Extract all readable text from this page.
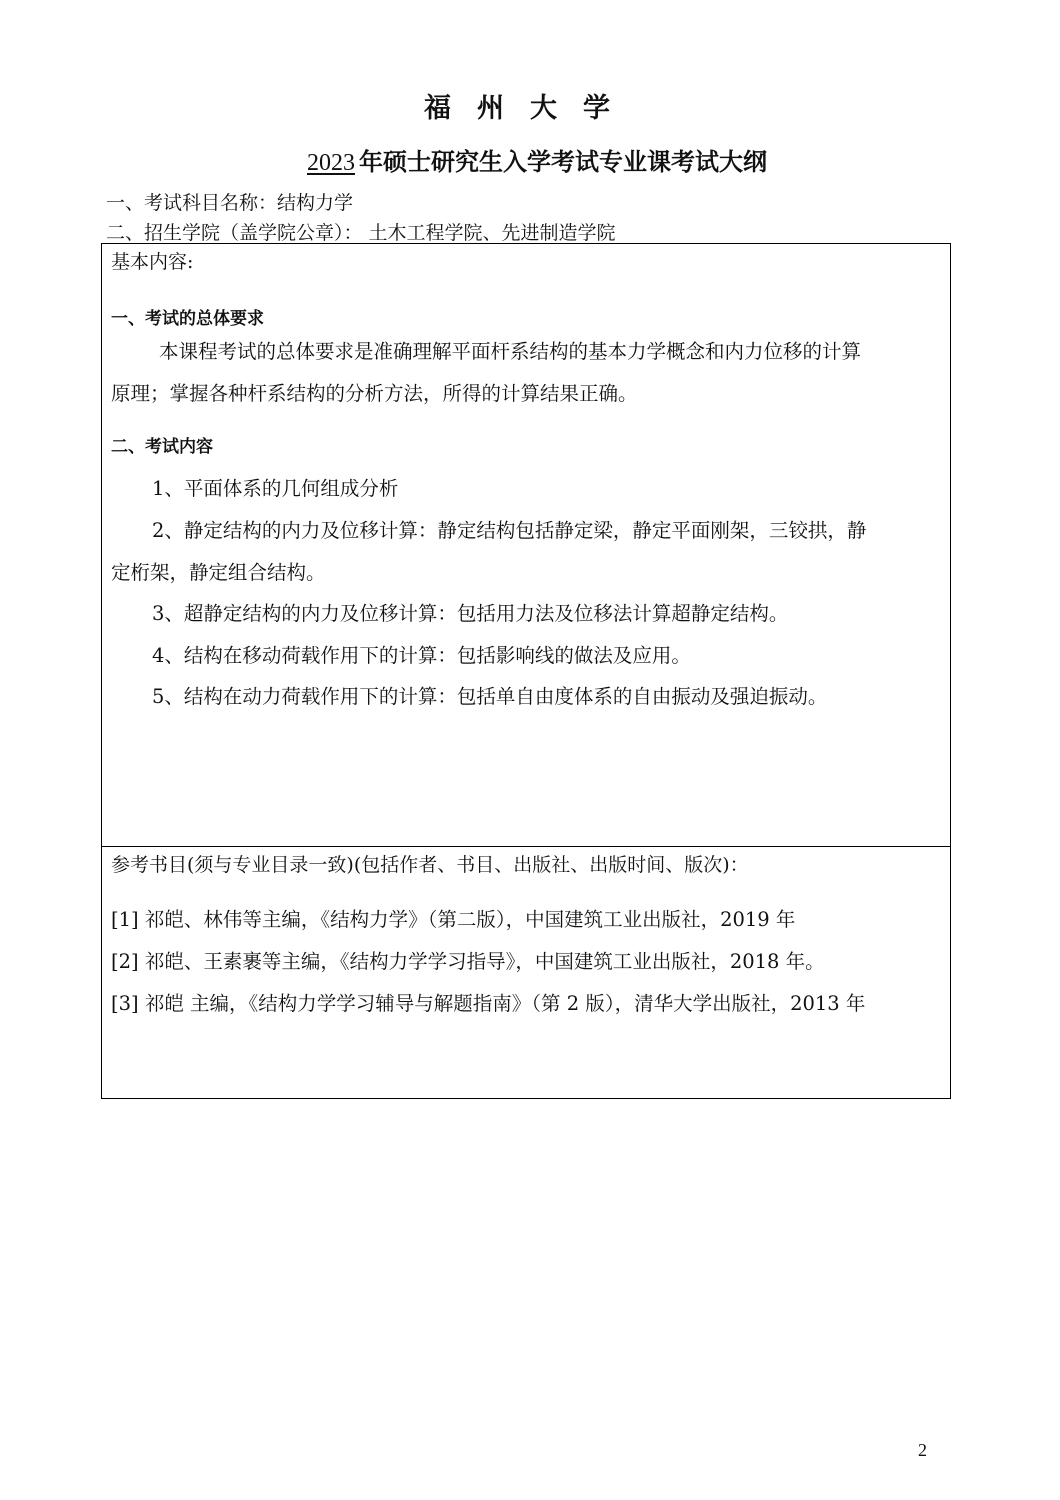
福州大学
2023 年硕士研究生入学考试专业课考试大纲
一、考试科目名称：结构力学
二、招生学院（盖学院公章）： 土木工程学院、先进制造学院
基本内容:
一、考试的总体要求
本课程考试的总体要求是准确理解平面杆系结构的基本力学概念和内力位移的计算
原理；掌握各种杆系结构的分析方法，所得的计算结果正确。
二、考试内容
1、平面体系的几何组成分析
2、静定结构的内力及位移计算：静定结构包括静定梁，静定平面刚架，三铰拱，静
定桁架，静定组合结构。
3、超静定结构的内力及位移计算：包括用力法及位移法计算超静定结构。
4、结构在移动荷载作用下的计算：包括影响线的做法及应用。
5、结构在动力荷载作用下的计算：包括单自由度体系的自由振动及强迫振动。
参考书目(须与专业目录一致)(包括作者、书目、出版社、出版时间、版次)：
[1] 祁皑、林伟等主编，《结构力学》（第二版），中国建筑工业出版社，2019 年
[2] 祁皑、王素裹等主编，《结构力学学习指导》，中国建筑工业出版社，2018 年。
[3] 祁皑 主编，《结构力学学习辅导与解题指南》（第 2 版），清华大学出版社，2013 年
2
